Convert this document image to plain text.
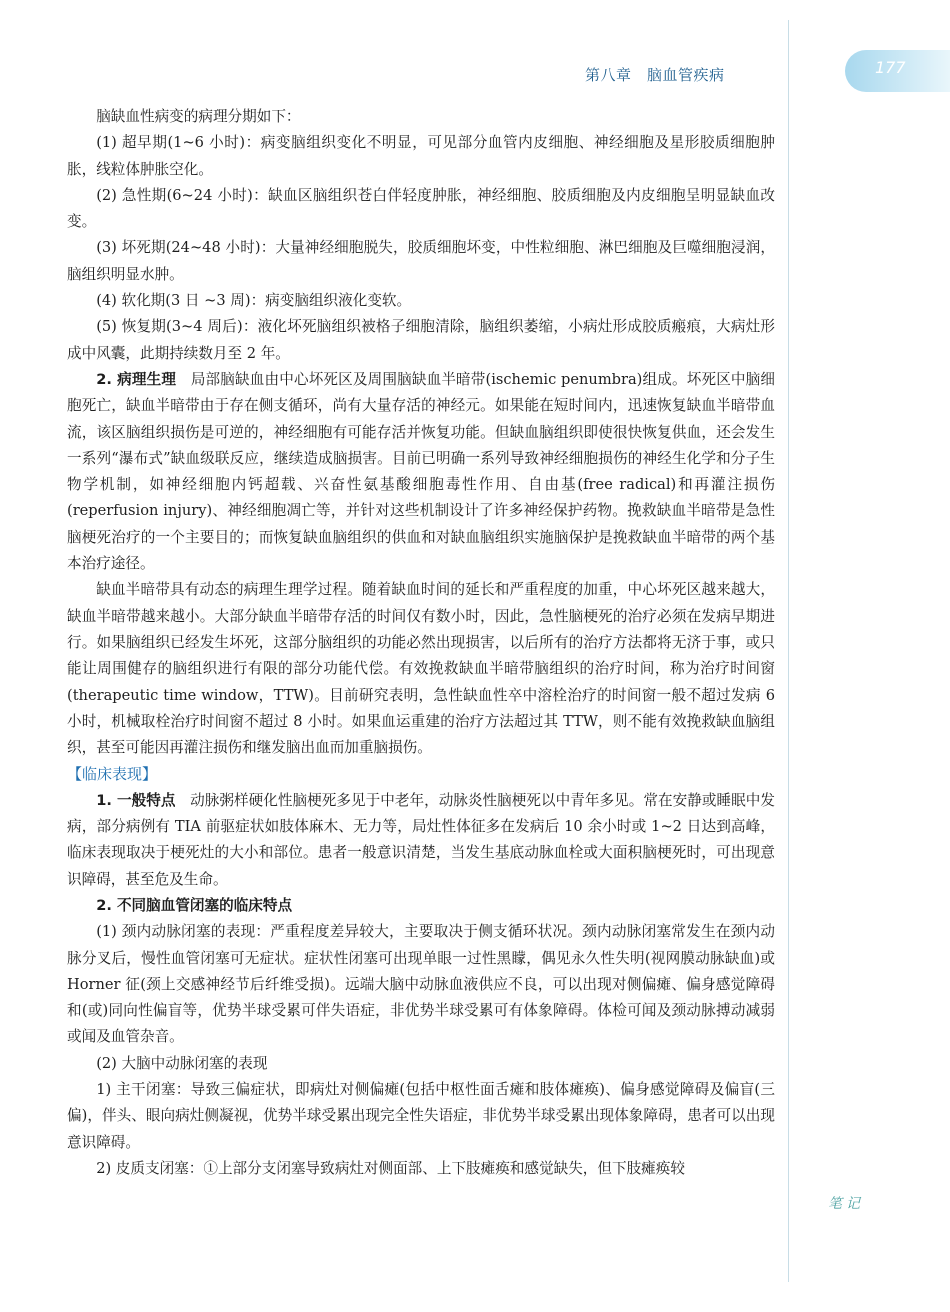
177
第八章　脑血管疾病
笔记

脑缺血性病变的病理分期如下：

(1) 超早期(1~6 小时)：病变脑组织变化不明显，可见部分血管内皮细胞、神经细胞及星形胶质细胞肿胀，线粒体肿胀空化。

(2) 急性期(6~24 小时)：缺血区脑组织苍白伴轻度肿胀，神经细胞、胶质细胞及内皮细胞呈明显缺血改变。

(3) 坏死期(24~48 小时)：大量神经细胞脱失，胶质细胞坏变，中性粒细胞、淋巴细胞及巨噬细胞浸润，脑组织明显水肿。

(4) 软化期(3 日 ~3 周)：病变脑组织液化变软。

(5) 恢复期(3~4 周后)：液化坏死脑组织被格子细胞清除，脑组织萎缩，小病灶形成胶质瘢痕，大病灶形成中风囊，此期持续数月至 2 年。

2. 病理生理　 局部脑缺血由中心坏死区及周围脑缺血半暗带(ischemic penumbra)组成。坏死区中脑细胞死亡，缺血半暗带由于存在侧支循环，尚有大量存活的神经元。如果能在短时间内，迅速恢复缺血半暗带血流，该区脑组织损伤是可逆的，神经细胞有可能存活并恢复功能。但缺血脑组织即使很快恢复供血，还会发生一系列“瀑布式”缺血级联反应，继续造成脑损害。目前已明确一系列导致神经细胞损伤的神经生化学和分子生物学机制，如神经细胞内钙超载、兴奋性氨基酸细胞毒性作用、自由基(free radical)和再灌注损伤(reperfusion injury)、神经细胞凋亡等，并针对这些机制设计了许多神经保护药物。挽救缺血半暗带是急性脑梗死治疗的一个主要目的；而恢复缺血脑组织的供血和对缺血脑组织实施脑保护是挽救缺血半暗带的两个基本治疗途径。

缺血半暗带具有动态的病理生理学过程。随着缺血时间的延长和严重程度的加重，中心坏死区越来越大，缺血半暗带越来越小。大部分缺血半暗带存活的时间仅有数小时，因此，急性脑梗死的治疗必须在发病早期进行。如果脑组织已经发生坏死，这部分脑组织的功能必然出现损害，以后所有的治疗方法都将无济于事，或只能让周围健存的脑组织进行有限的部分功能代偿。有效挽救缺血半暗带脑组织的治疗时间，称为治疗时间窗(therapeutic time window，TTW)。目前研究表明，急性缺血性卒中溶栓治疗的时间窗一般不超过发病 6 小时，机械取栓治疗时间窗不超过 8 小时。如果血运重建的治疗方法超过其 TTW，则不能有效挽救缺血脑组织，甚至可能因再灌注损伤和继发脑出血而加重脑损伤。

【临床表现】

1. 一般特点　 动脉粥样硬化性脑梗死多见于中老年，动脉炎性脑梗死以中青年多见。常在安静或睡眠中发病，部分病例有 TIA 前驱症状如肢体麻木、无力等，局灶性体征多在发病后 10 余小时或 1~2 日达到高峰，临床表现取决于梗死灶的大小和部位。患者一般意识清楚，当发生基底动脉血栓或大面积脑梗死时，可出现意识障碍，甚至危及生命。

2. 不同脑血管闭塞的临床特点

(1) 颈内动脉闭塞的表现：严重程度差异较大，主要取决于侧支循环状况。颈内动脉闭塞常发生在颈内动脉分叉后，慢性血管闭塞可无症状。症状性闭塞可出现单眼一过性黑矇，偶见永久性失明(视网膜动脉缺血)或 Horner 征(颈上交感神经节后纤维受损)。远端大脑中动脉血液供应不良，可以出现对侧偏瘫、偏身感觉障碍和(或)同向性偏盲等，优势半球受累可伴失语症，非优势半球受累可有体象障碍。体检可闻及颈动脉搏动减弱或闻及血管杂音。

(2) 大脑中动脉闭塞的表现

1) 主干闭塞：导致三偏症状，即病灶对侧偏瘫(包括中枢性面舌瘫和肢体瘫痪)、偏身感觉障碍及偏盲(三偏)，伴头、眼向病灶侧凝视，优势半球受累出现完全性失语症，非优势半球受累出现体象障碍，患者可以出现意识障碍。

2) 皮质支闭塞：①上部分支闭塞导致病灶对侧面部、上下肢瘫痪和感觉缺失，但下肢瘫痪较
